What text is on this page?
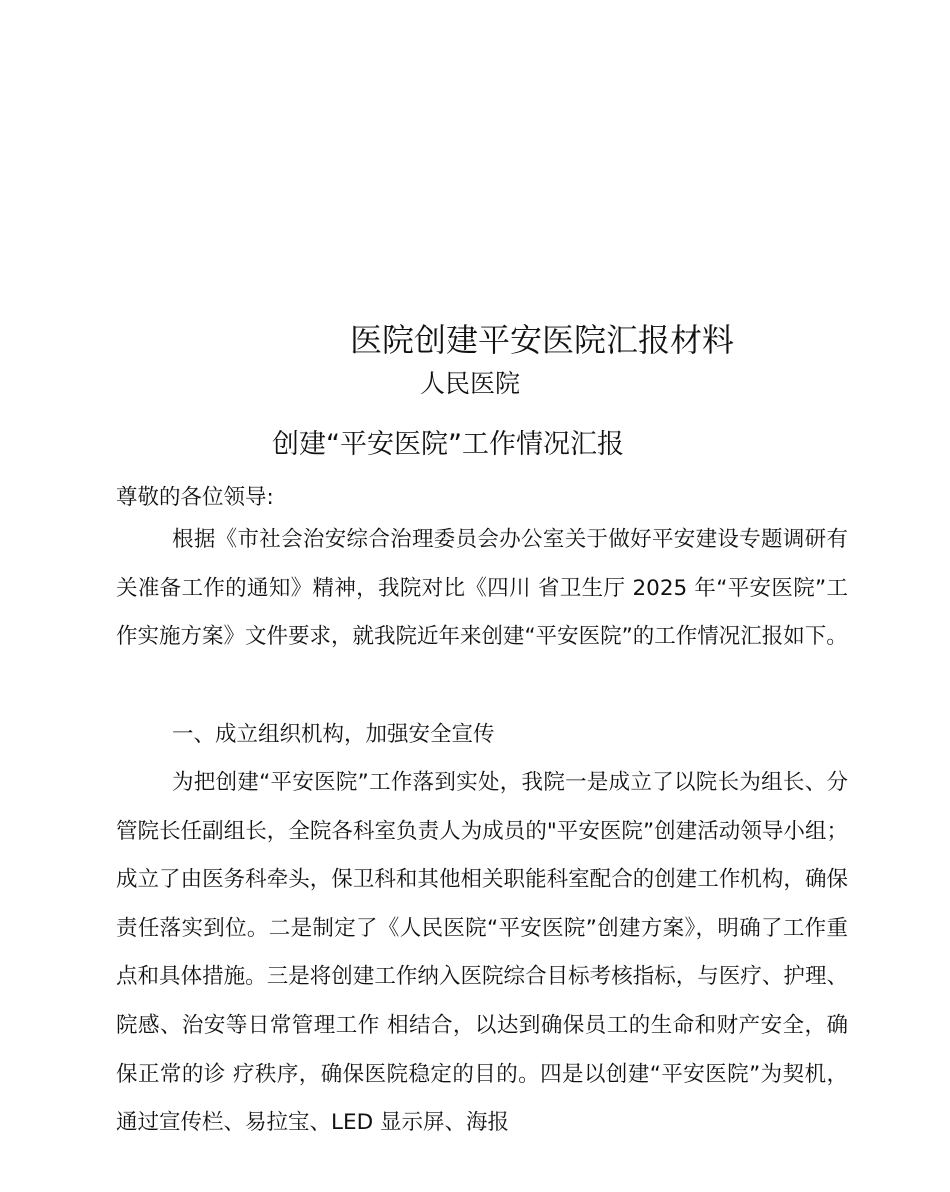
医院创建平安医院汇报材料
人民医院
创建“平安医院”工作情况汇报
尊敬的各位领导:
根据《市社会治安综合治理委员会办公室关于做好平安建设专题调研有关准备工作的通知》精神，我院对比《四川 省卫生厅 2025 年“平安医院”工作实施方案》文件要求，就我院近年来创建“平安医院”的工作情况汇报如下。
一、成立组织机构，加强安全宣传
为把创建“平安医院”工作落到实处，我院一是成立了以院长为组长、分管院长任副组长，全院各科室负责人为成员的"平安医院”创建活动领导小组；成立了由医务科牵头，保卫科和其他相关职能科室配合的创建工作机构，确保责任落实到位。二是制定了《人民医院“平安医院”创建方案》，明确了工作重点和具体措施。三是将创建工作纳入医院综合目标考核指标，与医疗、护理、院感、治安等日常管理工作 相结合，以达到确保员工的生命和财产安全，确保正常的诊 疗秩序，确保医院稳定的目的。四是以创建“平安医院”为契机，通过宣传栏、易拉宝、LED 显示屏、海报
